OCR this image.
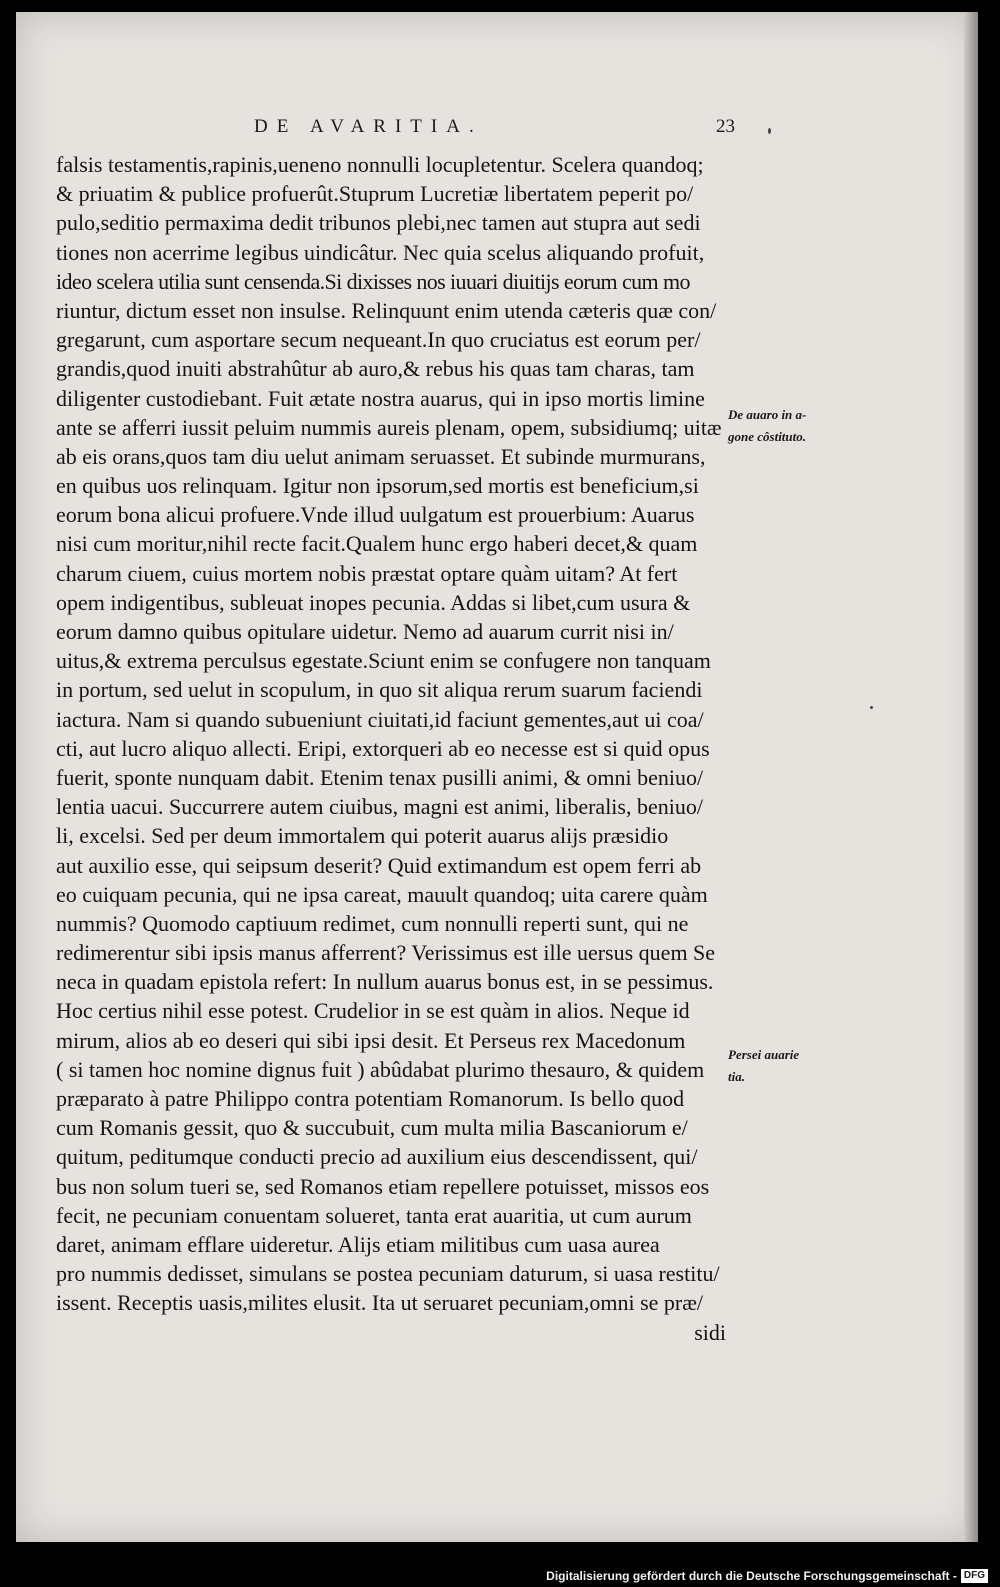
DE AVARITIA.	23
falsis testamentis,rapinis,ueneno nonnulli locupletentur. Scelera quandoq;
& priuatim & publice profuerût.Stuprum Lucretiæ libertatem peperit po/
pulo,seditio permaxima dedit tribunos plebi,nec tamen aut stupra aut sedi
tiones non acerrime legibus uindicâtur. Nec quia scelus aliquando profuit,
ideo scelera utilia sunt censenda.Si dixisses nos iuuari diuitijs eorum cum mo
riuntur, dictum esset non insulse. Relinquunt enim utenda cæteris quæ con/
gregarunt, cum asportare secum nequeant.In quo cruciatus est eorum per/
grandis,quod inuiti abstrahûtur ab auro,& rebus his quas tam charas, tam
diligenter custodiebant. Fuit ætate nostra auarus, qui in ipso mortis limine
ante se afferri iussit peluim nummis aureis plenam, opem, subsidiumq; uitæ
ab eis orans,quos tam diu uelut animam seruasset. Et subinde murmurans,
en quibus uos relinquam. Igitur non ipsorum,sed mortis est beneficium,si
eorum bona alicui profuere.Vnde illud uulgatum est prouerbium: Auarus
nisi cum moritur,nihil recte facit.Qualem hunc ergo haberi decet,& quam
charum ciuem, cuius mortem nobis præstat optare quàm uitam? At fert
opem indigentibus, subleuat inopes pecunia. Addas si libet,cum usura &
eorum damno quibus opitulare uidetur. Nemo ad auarum currit nisi in/
uitus,& extrema perculsus egestate.Sciunt enim se confugere non tanquam
in portum, sed uelut in scopulum, in quo sit aliqua rerum suarum faciendi
iactura. Nam si quando subueniunt ciuitati,id faciunt gementes,aut ui coa/
cti, aut lucro aliquo allecti. Eripi, extorqueri ab eo necesse est si quid opus
fuerit, sponte nunquam dabit. Etenim tenax pusilli animi, & omni beniuo/
lentia uacui. Succurrere autem ciuibus, magni est animi, liberalis, beniuo/
li, excelsi. Sed per deum immortalem qui poterit auarus alijs præsidio
aut auxilio esse, qui seipsum deserit? Quid extimandum est opem ferri ab
eo cuiquam pecunia, qui ne ipsa careat, mauult quandoq; uita carere quàm
nummis? Quomodo captiuum redimet, cum nonnulli reperti sunt, qui ne
redimerentur sibi ipsis manus afferrent? Verissimus est ille uersus quem Se
neca in quadam epistola refert: In nullum auarus bonus est, in se pessimus.
Hoc certius nihil esse potest. Crudelior in se est quàm in alios. Neque id
mirum, alios ab eo deseri qui sibi ipsi desit. Et Perseus rex Macedonum
( si tamen hoc nomine dignus fuit ) abûdabat plurimo thesauro, & quidem
præparato à patre Philippo contra potentiam Romanorum. Is bello quod
cum Romanis gessit, quo & succubuit, cum multa milia Bascaniorum e/
quitum, peditumque conducti precio ad auxilium eius descendissent, qui/
bus non solum tueri se, sed Romanos etiam repellere potuisset, missos eos
fecit, ne pecuniam conuentam solueret, tanta erat auaritia, ut cum aurum
daret, animam efflare uideretur. Alijs etiam militibus cum uasa aurea
pro nummis dedisset, simulans se postea pecuniam daturum, si uasa restitu/
issent. Receptis uasis,milites elusit. Ita ut seruaret pecuniam,omni se præ/
sidi
De auaro in a-
gone côstituto.
Persei auarie
tia.
Digitalisierung gefördert durch die Deutsche Forschungsgemeinschaft - DFG
